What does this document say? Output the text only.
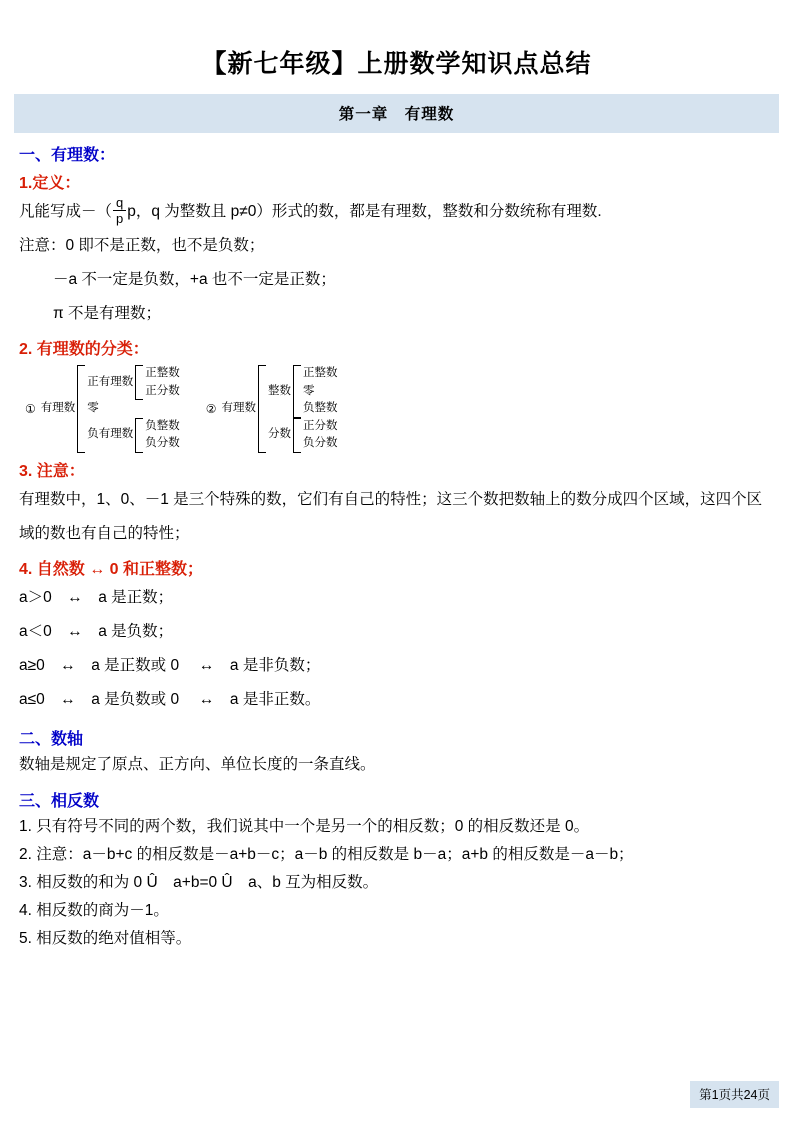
【新七年级】上册数学知识点总结
第一章　有理数
一、有理数：
1.定义：
凡能写成－（ $\frac{q}{p}$ p，q 为整数且 p≠0）形式的数，都是有理数，整数和分数统称有理数.
注意：0 即不是正数，也不是负数；
－a 不一定是负数，+a 也不一定是正数；
π 不是有理数；
2. 有理数的分类：
① 有理数
正有理数
正整数
正分数
零
负有理数
负整数
负分数
② 有理数
整数
正整数
零
负整数
分数
正分数
负分数
3. 注意：
有理数中，1、0、－1 是三个特殊的数，它们有自己的特性；这三个数把数轴上的数分成四个区域，这四个区域的数也有自己的特性；
4. 自然数 ↔ 0 和正整数；
a＞0　↔　a 是正数；
a＜0　↔　a 是负数；
a≥0　↔　a 是正数或 0 　↔　a 是非负数；
a≤0　↔　a 是负数或 0 　↔　a 是非正数。
二、数轴
数轴是规定了原点、正方向、单位长度的一条直线。
三、相反数
1. 只有符号不同的两个数，我们说其中一个是另一个的相反数；0 的相反数还是 0。
2. 注意：a－b+c 的相反数是－a+b－c；a－b 的相反数是 b－a；a+b 的相反数是－a－b；
3. 相反数的和为 0 Û　a+b=0 Û　a、b 互为相反数。
4. 相反数的商为－1。
5. 相反数的绝对值相等。
第1页共24页
